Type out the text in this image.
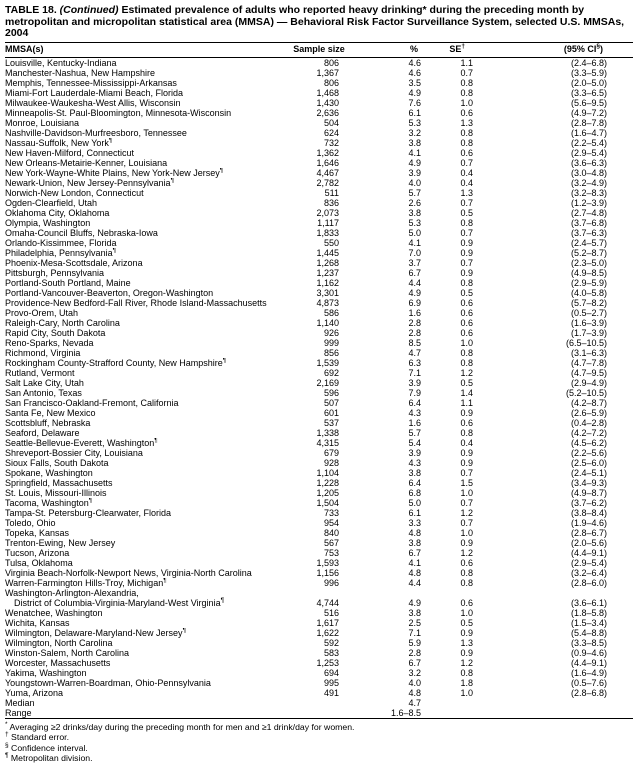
TABLE 18. (Continued) Estimated prevalence of adults who reported heavy drinking* during the preceding month by metropolitan and micropolitan statistical area (MMSA) — Behavioral Risk Factor Surveillance System, selected U.S. MMSAs, 2004
MMSA(s)	Sample size	%	SE†	(95% CI§)

Louisville, Kentucky-Indiana	806	4.6	1.1	(2.4–6.8)

Manchester-Nashua, New Hampshire	1,367	4.6	0.7	(3.3–5.9)

Memphis, Tennessee-Mississippi-Arkansas	806	3.5	0.8	(2.0–5.0)

Miami-Fort Lauderdale-Miami Beach, Florida	1,468	4.9	0.8	(3.3–6.5)

Milwaukee-Waukesha-West Allis, Wisconsin	1,430	7.6	1.0	(5.6–9.5)

Minneapolis-St. Paul-Bloomington, Minnesota-Wisconsin	2,636	6.1	0.6	(4.9–7.2)

Monroe, Louisiana	504	5.3	1.3	(2.8–7.8)

Nashville-Davidson-Murfreesboro, Tennessee	624	3.2	0.8	(1.6–4.7)

Nassau-Suffolk, New York¶	732	3.8	0.8	(2.2–5.4)

New Haven-Milford, Connecticut	1,362	4.1	0.6	(2.9–5.4)

New Orleans-Metairie-Kenner, Louisiana	1,646	4.9	0.7	(3.6–6.3)

New York-Wayne-White Plains, New York-New Jersey¶	4,467	3.9	0.4	(3.0–4.8)

Newark-Union, New Jersey-Pennsylvania¶	2,782	4.0	0.4	(3.2–4.9)

Norwich-New London, Connecticut	511	5.7	1.3	(3.2–8.3)

Ogden-Clearfield, Utah	836	2.6	0.7	(1.2–3.9)

Oklahoma City, Oklahoma	2,073	3.8	0.5	(2.7–4.8)

Olympia, Washington	1,117	5.3	0.8	(3.7–6.8)

Omaha-Council Bluffs, Nebraska-Iowa	1,833	5.0	0.7	(3.7–6.3)

Orlando-Kissimmee, Florida	550	4.1	0.9	(2.4–5.7)

Philadelphia, Pennsylvania¶	1,445	7.0	0.9	(5.2–8.7)

Phoenix-Mesa-Scottsdale, Arizona	1,268	3.7	0.7	(2.3–5.0)

Pittsburgh, Pennsylvania	1,237	6.7	0.9	(4.9–8.5)

Portland-South Portland, Maine	1,162	4.4	0.8	(2.9–5.9)

Portland-Vancouver-Beaverton, Oregon-Washington	3,301	4.9	0.5	(4.0–5.8)

Providence-New Bedford-Fall River, Rhode Island-Massachusetts	4,873	6.9	0.6	(5.7–8.2)

Provo-Orem, Utah	586	1.6	0.6	(0.5–2.7)

Raleigh-Cary, North Carolina	1,140	2.8	0.6	(1.6–3.9)

Rapid City, South Dakota	926	2.8	0.6	(1.7–3.9)

Reno-Sparks, Nevada	999	8.5	1.0	(6.5–10.5)

Richmond, Virginia	856	4.7	0.8	(3.1–6.3)

Rockingham County-Strafford County, New Hampshire¶	1,539	6.3	0.8	(4.7–7.8)

Rutland, Vermont	692	7.1	1.2	(4.7–9.5)

Salt Lake City, Utah	2,169	3.9	0.5	(2.9–4.9)

San Antonio, Texas	596	7.9	1.4	(5.2–10.5)

San Francisco-Oakland-Fremont, California	507	6.4	1.1	(4.2–8.7)

Santa Fe, New Mexico	601	4.3	0.9	(2.6–5.9)

Scottsbluff, Nebraska	537	1.6	0.6	(0.4–2.8)

Seaford, Delaware	1,338	5.7	0.8	(4.2–7.2)

Seattle-Bellevue-Everett, Washington¶	4,315	5.4	0.4	(4.5–6.2)

Shreveport-Bossier City, Louisiana	679	3.9	0.9	(2.2–5.6)

Sioux Falls, South Dakota	928	4.3	0.9	(2.5–6.0)

Spokane, Washington	1,104	3.8	0.7	(2.4–5.1)

Springfield, Massachusetts	1,228	6.4	1.5	(3.4–9.3)

St. Louis, Missouri-Illinois	1,205	6.8	1.0	(4.9–8.7)

Tacoma, Washington¶	1,504	5.0	0.7	(3.7–6.2)

Tampa-St. Petersburg-Clearwater, Florida	733	6.1	1.2	(3.8–8.4)

Toledo, Ohio	954	3.3	0.7	(1.9–4.6)

Topeka, Kansas	840	4.8	1.0	(2.8–6.7)

Trenton-Ewing, New Jersey	567	3.8	0.9	(2.0–5.6)

Tucson, Arizona	753	6.7	1.2	(4.4–9.1)

Tulsa, Oklahoma	1,593	4.1	0.6	(2.9–5.4)

Virginia Beach-Norfolk-Newport News, Virginia-North Carolina	1,156	4.8	0.8	(3.2–6.4)

Warren-Farmington Hills-Troy, Michigan¶	996	4.4	0.8	(2.8–6.0)

Washington-Arlington-Alexandria,
District of Columbia-Virginia-Maryland-West Virginia¶	4,744	4.9	0.6	(3.6–6.1)

Wenatchee, Washington	516	3.8	1.0	(1.8–5.8)

Wichita, Kansas	1,617	2.5	0.5	(1.5–3.4)

Wilmington, Delaware-Maryland-New Jersey¶	1,622	7.1	0.9	(5.4–8.8)

Wilmington, North Carolina	592	5.9	1.3	(3.3–8.5)

Winston-Salem, North Carolina	583	2.8	0.9	(0.9–4.6)

Worcester, Massachusetts	1,253	6.7	1.2	(4.4–9.1)

Yakima, Washington	694	3.2	0.8	(1.6–4.9)

Youngstown-Warren-Boardman, Ohio-Pennsylvania	995	4.0	1.8	(0.5–7.6)

Yuma, Arizona	491	4.8	1.0	(2.8–6.8)

Median		4.7		

Range		1.6–8.5		
* Averaging ≥2 drinks/day during the preceding month for men and ≥1 drink/day for women.
† Standard error.
§ Confidence interval.
¶ Metropolitan division.
